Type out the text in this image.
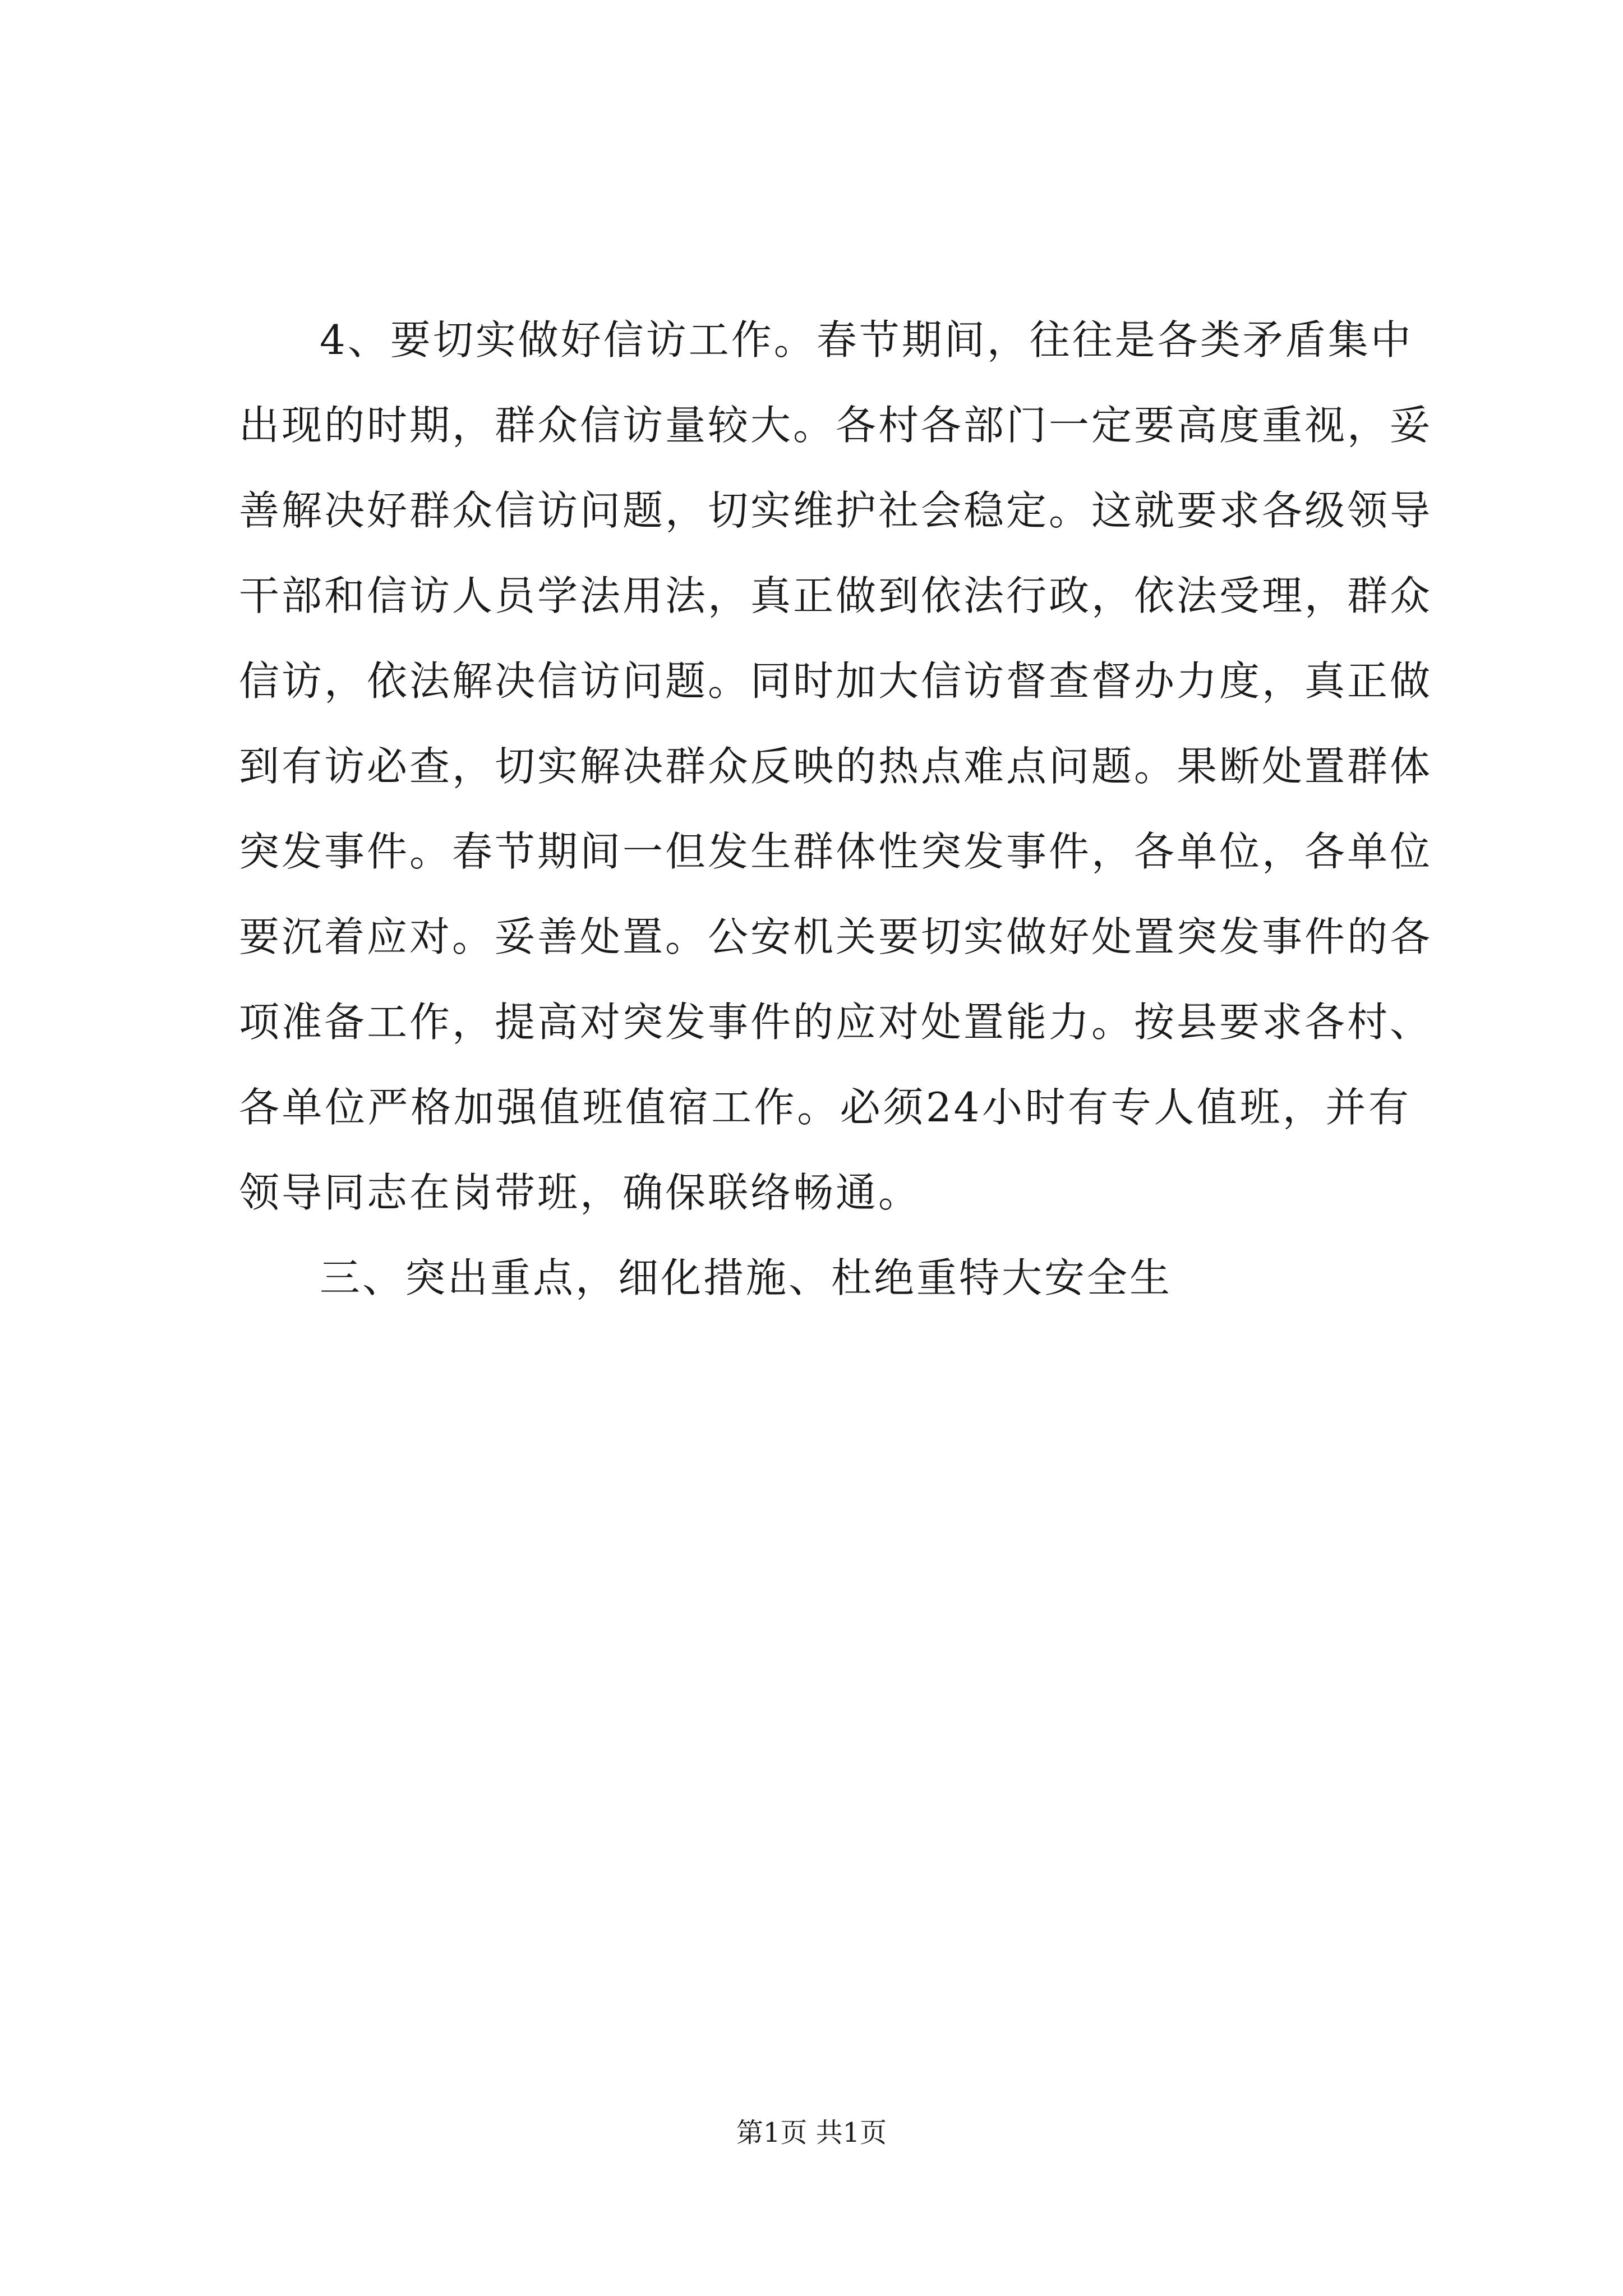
4、要切实做好信访工作。春节期间，往往是各类矛盾集中
出现的时期，群众信访量较大。各村各部门一定要高度重视，妥
善解决好群众信访问题，切实维护社会稳定。这就要求各级领导
干部和信访人员学法用法，真正做到依法行政，依法受理，群众
信访，依法解决信访问题。同时加大信访督查督办力度，真正做
到有访必查，切实解决群众反映的热点难点问题。果断处置群体
突发事件。春节期间一但发生群体性突发事件，各单位，各单位
要沉着应对。妥善处置。公安机关要切实做好处置突发事件的各
项准备工作，提高对突发事件的应对处置能力。按县要求各村、
各单位严格加强值班值宿工作。必须24小时有专人值班，并有
领导同志在岗带班，确保联络畅通。

三、突出重点，细化措施、杜绝重特大安全生

第1页 共1页
